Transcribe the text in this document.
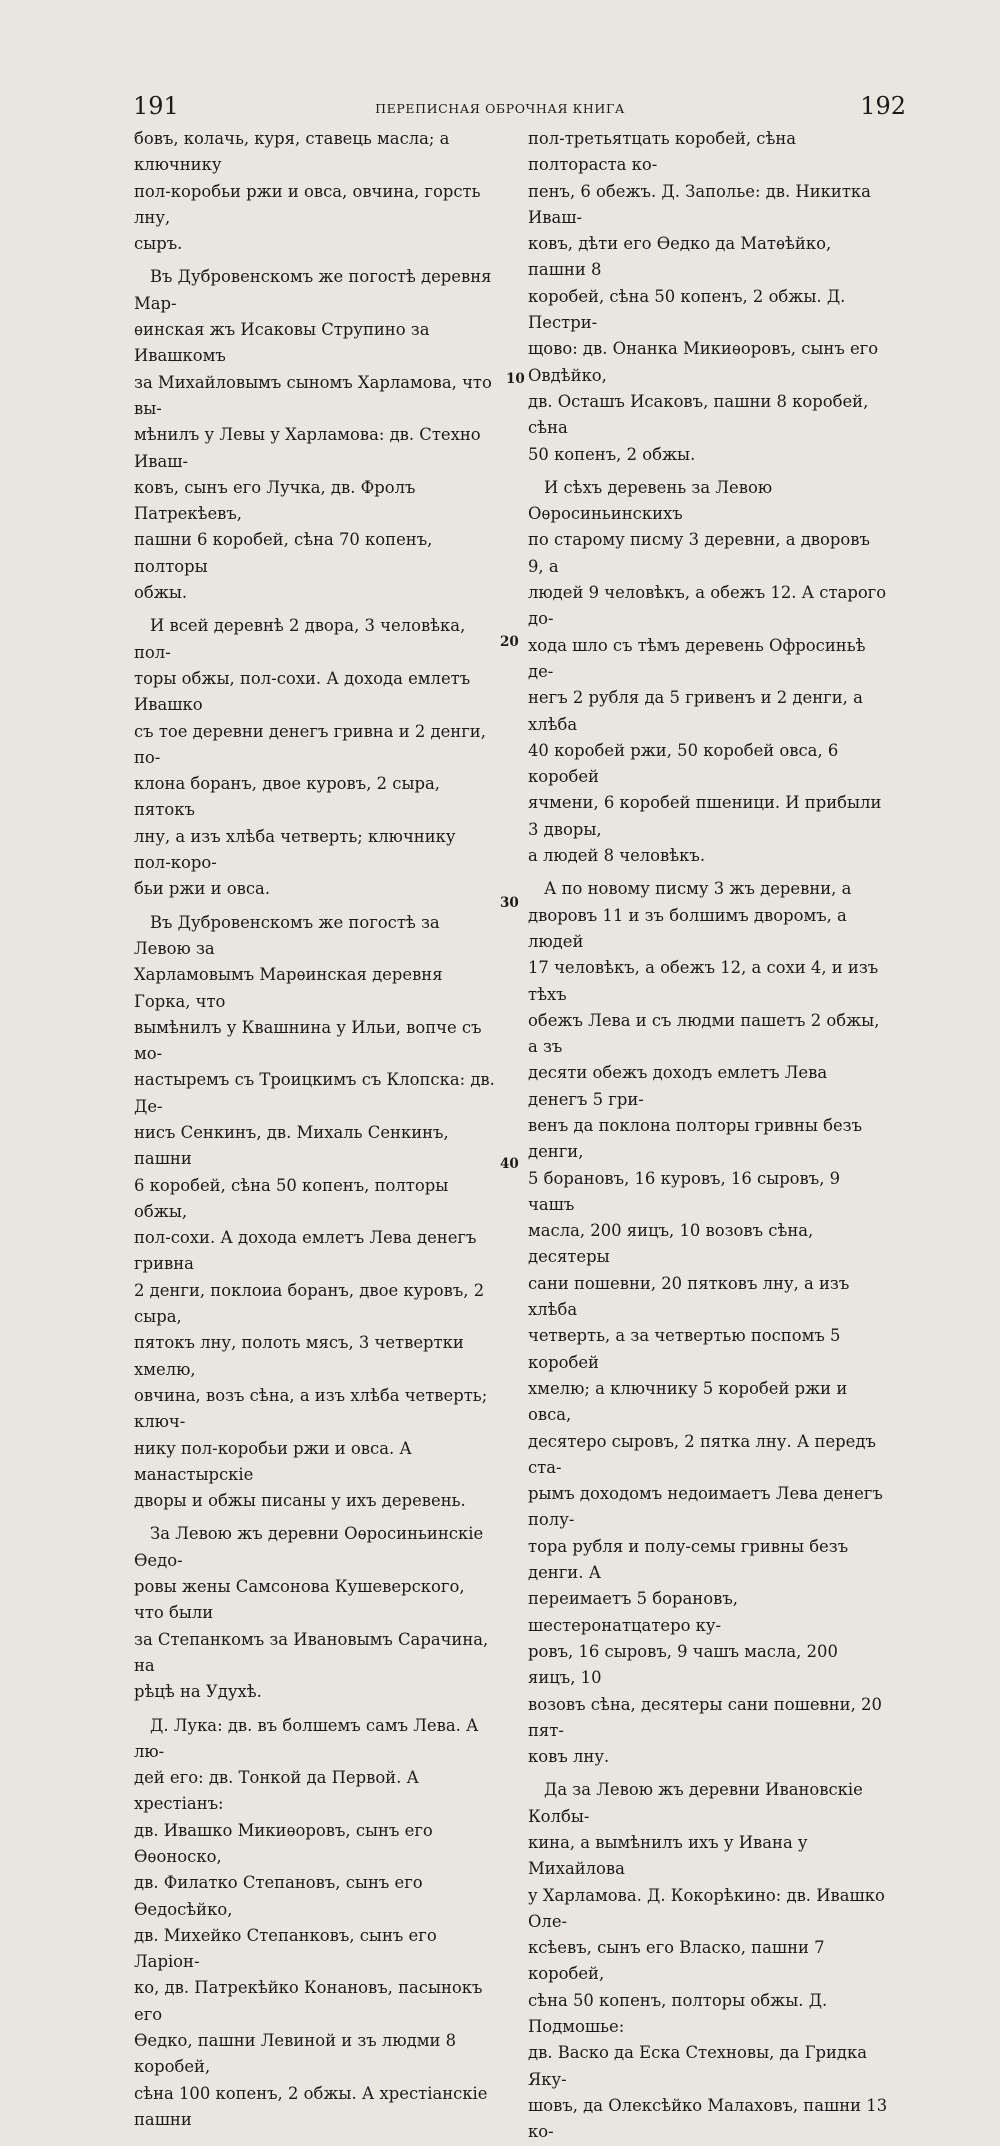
191	ПЕРЕПИСНАЯ ОБРОЧНАЯ КНИГА	192

бовъ, колачь, куря, ставець масла; а ключнику
пол-коробьи ржи и овса, овчина, горсть лну,
сыръ.

Въ Дубровенскомъ же погостѣ деревня Мар-
ѳинская жъ Исаковы Струпино за Ивашкомъ
за Михайловымъ сыномъ Харламова, что вы-
мѣнилъ у Левы у Харламова: дв. Стехно Иваш-
ковъ, сынъ его Лучка, дв. Фролъ Патрекѣевъ,
пашни 6 коробей, сѣна 70 копенъ, полторы
обжы.

И всей деревнѣ 2 двора, 3 человѣка, пол-
торы обжы, пол-сохи. А дохода емлетъ Ивашко
съ тое деревни денегъ гривна и 2 денги, по-
клона боранъ, двое куровъ, 2 сыра, пятокъ
лну, а изъ хлѣба четверть; ключнику пол-коро-
бьи ржи и овса.

Въ Дубровенскомъ же погостѣ за Левою за
Харламовымъ Марѳинская деревня Горка, что
вымѣнилъ у Квашнина у Ильи, вопче съ мо-
настыремъ съ Троицкимъ съ Клопска: дв. Де-
нисъ Сенкинъ, дв. Михаль Сенкинъ, пашни
6 коробей, сѣна 50 копенъ, полторы обжы,
пол-сохи. А дохода емлетъ Лева денегъ гривна
2 денги, поклоиа боранъ, двое куровъ, 2 сыра,
пятокъ лну, полоть мясъ, 3 четвертки хмелю,
овчина, возъ сѣна, а изъ хлѣба четверть; ключ-
нику пол-коробьи ржи и овса. А манастырскіе
дворы и обжы писаны у ихъ деревень.

За Левою жъ деревни Оѳросиньинскіе Ѳедо-
ровы жены Самсонова Кушеверского, что были
за Степанкомъ за Ивановымъ Сарачина, на
рѣцѣ на Удухѣ.

Д. Лука: дв. въ болшемъ самъ Лева. А лю-
дей его: дв. Тонкой да Первой. А хрестіанъ:
дв. Ивашко Микиѳоровъ, сынъ его Ѳѳоноско,
дв. Филатко Степановъ, сынъ его Ѳедосѣйко,
дв. Михейко Степанковъ, сынъ его Ларіон-
ко, дв. Патрекѣйко Конановъ, пасынокъ его
Ѳедко, пашни Левиной и зъ людми 8 коробей,
сѣна 100 копенъ, 2 обжы. А хрестіанскіе пашни

пол-третьятцать коробей, сѣна полтораста ко-
пенъ, 6 обежъ. Д. Заполье: дв. Никитка Иваш-
ковъ, дѣти его Ѳедко да Матѳѣйко, пашни 8
коробей, сѣна 50 копенъ, 2 обжы. Д. Пестри-
щово: дв. Онанка Микиѳоровъ, сынъ его Овдѣйко,
дв. Осташъ Исаковъ, пашни 8 коробей, сѣна
50 копенъ, 2 обжы.

И сѣхъ деревень за Левою Оѳросиньинскихъ
по старому писму 3 деревни, а дворовъ 9, а
людей 9 человѣкъ, а обежъ 12. А старого до-
хода шло съ тѣмъ деревень Офросиньѣ де-
негъ 2 рубля да 5 гривенъ и 2 денги, а хлѣба
40 коробей ржи, 50 коробей овса, 6 коробей
ячмени, 6 коробей пшеници. И прибыли 3 дворы,
а людей 8 человѣкъ.

А по новому писму 3 жъ деревни, а
дворовъ 11 и зъ болшимъ дворомъ, а людей
17 человѣкъ, а обежъ 12, а сохи 4, и изъ тѣхъ
обежъ Лева и съ людми пашетъ 2 обжы, а зъ
десяти обежъ доходъ емлетъ Лева денегъ 5 гри-
венъ да поклона полторы гривны безъ денги,
5 борановъ, 16 куровъ, 16 сыровъ, 9 чашъ
масла, 200 яицъ, 10 возовъ сѣна, десятеры
сани пошевни, 20 пятковъ лну, а изъ хлѣба
четверть, а за четвертью поспомъ 5 коробей
хмелю; а ключнику 5 коробей ржи и овса,
десятеро сыровъ, 2 пятка лну. А передъ ста-
рымъ доходомъ недоимаетъ Лева денегъ полу-
тора рубля и полу-семы гривны безъ денги. А
переимаетъ 5 борановъ, шестеронатцатеро ку-
ровъ, 16 сыровъ, 9 чашъ масла, 200 яицъ, 10
возовъ сѣна, десятеры сани пошевни, 20 пят-
ковъ лну.

Да за Левою жъ деревни Ивановскіе Колбы-
кина, а вымѣнилъ ихъ у Ивана у Михайлова
у Харламова. Д. Кокорѣкино: дв. Ивашко Оле-
ксѣевъ, сынъ его Власко, пашни 7 коробей,
сѣна 50 копенъ, полторы обжы. Д. Подмошье:
дв. Васко да Еска Стехновы, да Гридка Яку-
шовъ, да Олексѣйко Малаховъ, пашни 13 ко-

10
20
30
40
